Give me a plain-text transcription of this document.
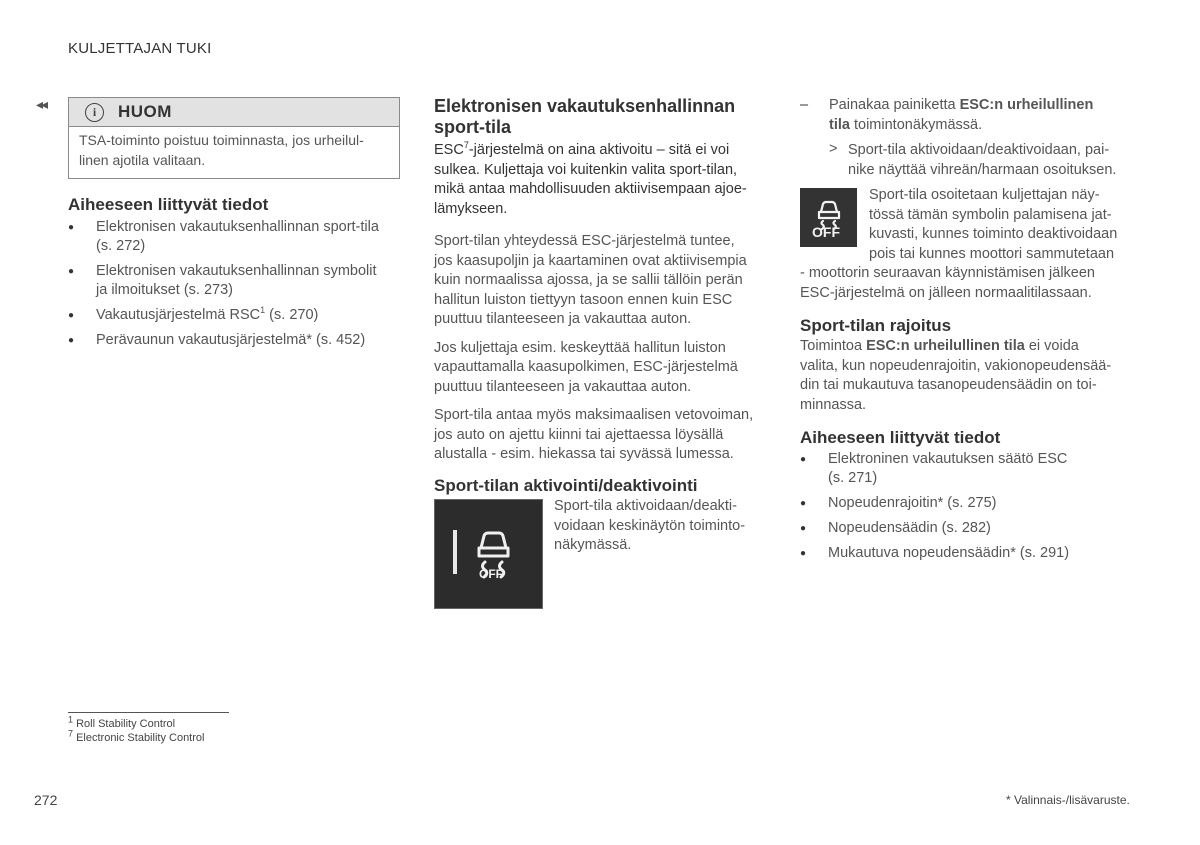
KULJETTAJAN TUKI
◂◂	i	HUOM
TSA-toiminto poistuu toiminnasta, jos urheilul-
linen ajotila valitaan.
Aiheeseen liittyvät tiedot
● Elektronisen vakautuksenhallinnan sport-tila
(s. 272)
● Elektronisen vakautuksenhallinnan symbolit
ja ilmoitukset (s. 273)
● Vakautusjärjestelmä RSC$^1$ (s. 270)
● Perävaunun vakautusjärjestelmä* (s. 452)
Elektronisen vakautuksenhallinnan
sport-tila
ESC$^7$-järjestelmä on aina aktivoitu – sitä ei voi
sulkea. Kuljettaja voi kuitenkin valita sport-tilan,
mikä antaa mahdollisuuden aktiivisempaan ajoe-
lämykseen.
Sport-tilan yhteydessä ESC-järjestelmä tuntee,
jos kaasupoljin ja kaartaminen ovat aktiivisempia
kuin normaalissa ajossa, ja se sallii tällöin perän
hallitun luiston tiettyyn tasoon ennen kuin ESC
puuttuu tilanteeseen ja vakauttaa auton.
Jos kuljettaja esim. keskeyttää hallitun luiston
vapauttamalla kaasupolkimen, ESC-järjestelmä
puuttuu tilanteeseen ja vakauttaa auton.
Sport-tila antaa myös maksimaalisen vetovoiman,
jos auto on ajettu kiinni tai ajettaessa löysällä
alustalla - esim. hiekassa tai syvässä lumessa.
Sport-tilan aktivointi/deaktivointi
OFF
Sport-tila aktivoidaan/deakti-
voidaan keskinäytön toiminto-
näkymässä.
– Painakaa painiketta ESC:n urheilullinen
tila toimintonäkymässä.
> Sport-tila aktivoidaan/deaktivoidaan, pai-
nike näyttää vihreän/harmaan osoituksen.
OFF
Sport-tila osoitetaan kuljettajan näy-
tössä tämän symbolin palamisena jat-
kuvasti, kunnes toiminto deaktivoidaan
pois tai kunnes moottori sammutetaan
- moottorin seuraavan käynnistämisen jälkeen
ESC-järjestelmä on jälleen normaalitilassaan.
Sport-tilan rajoitus
Toimintoa ESC:n urheilullinen tila ei voida
valita, kun nopeudenrajoitin, vakionopeudensää-
din tai mukautuva tasanopeudensäädin on toi-
minnassa.
Aiheeseen liittyvät tiedot
● Elektroninen vakautuksen säätö ESC
(s. 271)
● Nopeudenrajoitin* (s. 275)
● Nopeudensäädin (s. 282)
● Mukautuva nopeudensäädin* (s. 291)
$^1$ Roll Stability Control
$^7$ Electronic Stability Control
272	* Valinnais-/lisävaruste.
